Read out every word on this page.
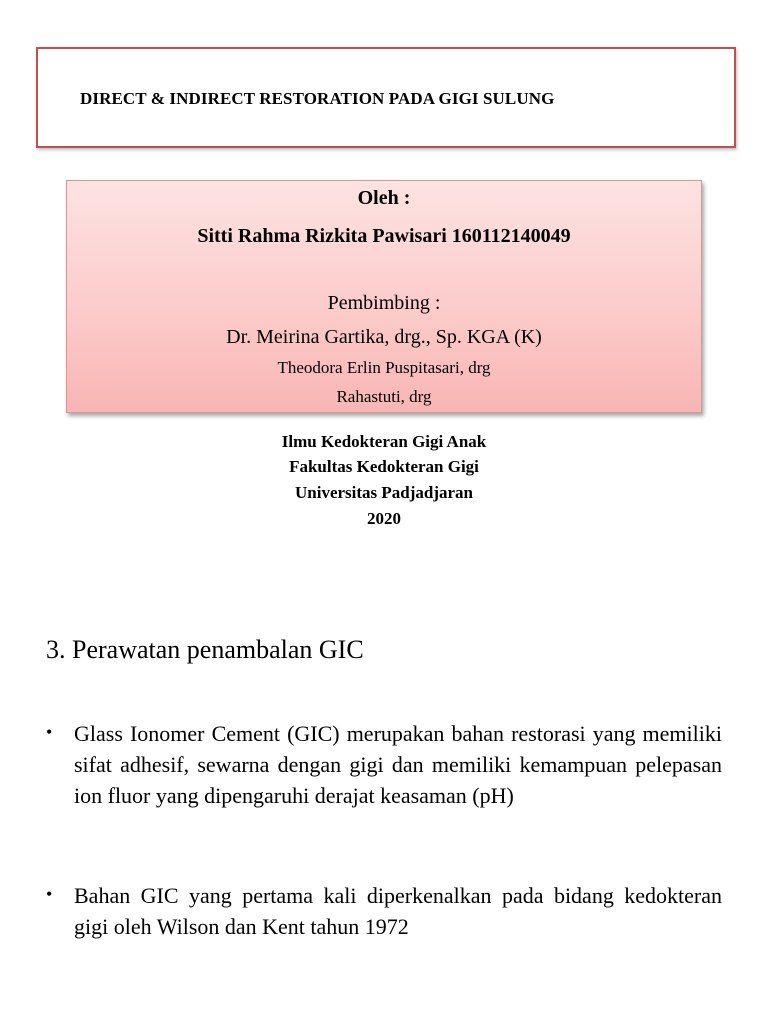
DIRECT & INDIRECT RESTORATION PADA GIGI SULUNG
Oleh :
Sitti Rahma Rizkita Pawisari 160112140049
Pembimbing :
Dr. Meirina Gartika, drg., Sp. KGA (K)
Theodora Erlin Puspitasari, drg
Rahastuti, drg
Ilmu Kedokteran Gigi Anak
Fakultas Kedokteran Gigi
Universitas Padjadjaran
2020
3. Perawatan penambalan GIC
• Glass Ionomer Cement (GIC) merupakan bahan restorasi yang memiliki sifat adhesif, sewarna dengan gigi dan memiliki kemampuan pelepasan ion fluor yang dipengaruhi derajat keasaman (pH)
• Bahan GIC yang pertama kali diperkenalkan pada bidang kedokteran gigi oleh Wilson dan Kent tahun 1972
